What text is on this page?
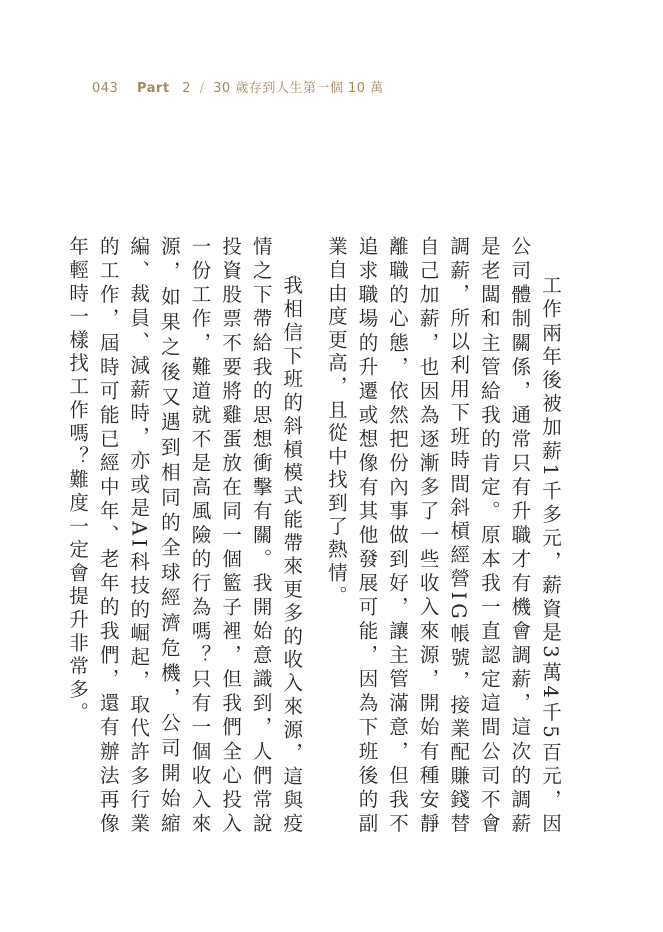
043 Part 2 / 30 歲存到人生第一個 10 萬

工作兩年後被加薪1千多元，薪資是3萬4千5百元，因公司體制關係，通常只有升職才有機會調薪，這次的調薪是老闆和主管給我的肯定。原本我一直認定這間公司不會調薪，所以利用下班時間斜槓經營IG帳號，接業配賺錢替自己加薪，也因為逐漸多了一些收入來源，開始有種安靜離職的心態，依然把份內事做到好，讓主管滿意，但我不追求職場的升遷或想像有其他發展可能，因為下班後的副業自由度更高，且從中找到了熱情。

我相信下班的斜槓模式能帶來更多的收入來源，這與疫情之下帶給我的思想衝擊有關。我開始意識到，人們常說投資股票不要將雞蛋放在同一個籃子裡，但我們全心投入一份工作，難道就不是高風險的行為嗎？只有一個收入來源，如果之後又遇到相同的全球經濟危機，公司開始縮編、裁員、減薪時，亦或是AI科技的崛起，取代許多行業的工作，屆時可能已經中年、老年的我們，還有辦法再像年輕時一樣找工作嗎？難度一定會提升非常多。
